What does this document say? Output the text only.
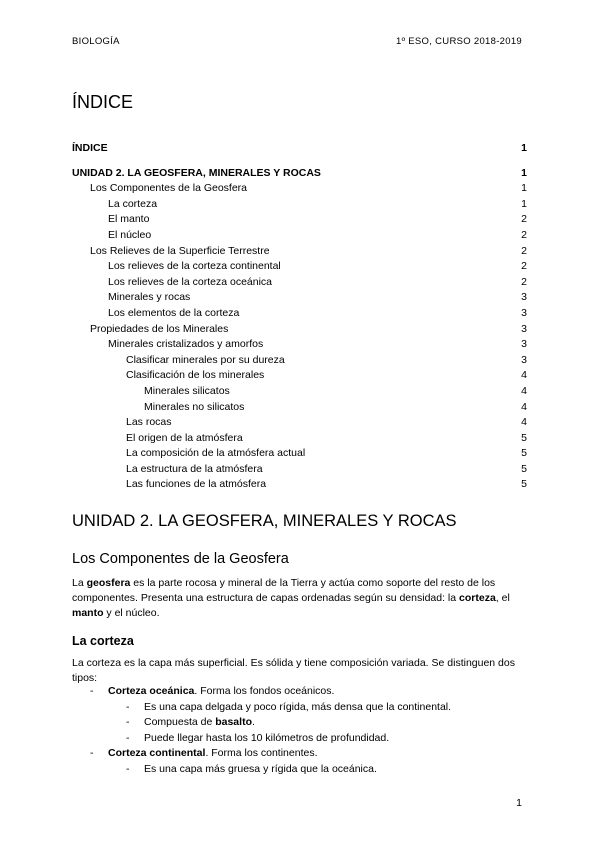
BIOLOGÍA	1º ESO, CURSO 2018-2019
ÍNDICE
ÍNDICE	1
UNIDAD 2. LA GEOSFERA, MINERALES Y ROCAS	1
Los Componentes de la Geosfera	1
La corteza	1
El manto	2
El núcleo	2
Los Relieves de la Superficie Terrestre	2
Los relieves de la corteza continental	2
Los relieves de la corteza oceánica	2
Minerales y rocas	3
Los elementos de la corteza	3
Propiedades de los Minerales	3
Minerales cristalizados y amorfos	3
Clasificar minerales por su dureza	3
Clasificación de los minerales	4
Minerales silicatos	4
Minerales no silicatos	4
Las rocas	4
El origen de la atmósfera	5
La composición de la atmósfera actual	5
La estructura de la atmósfera	5
Las funciones de la atmósfera	5
UNIDAD 2. LA GEOSFERA, MINERALES Y ROCAS
Los Componentes de la Geosfera

La geosfera es la parte rocosa y mineral de la Tierra y actúa como soporte del resto de los componentes. Presenta una estructura de capas ordenadas según su densidad: la corteza, el manto y el núcleo.

La corteza

La corteza es la capa más superficial. Es sólida y tiene composición variada. Se distinguen dos tipos:

- Corteza oceánica. Forma los fondos oceánicos.
- Es una capa delgada y poco rígida, más densa que la continental.
- Compuesta de basalto.
- Puede llegar hasta los 10 kilómetros de profundidad.
- Corteza continental. Forma los continentes.
- Es una capa más gruesa y rígida que la oceánica.
1
